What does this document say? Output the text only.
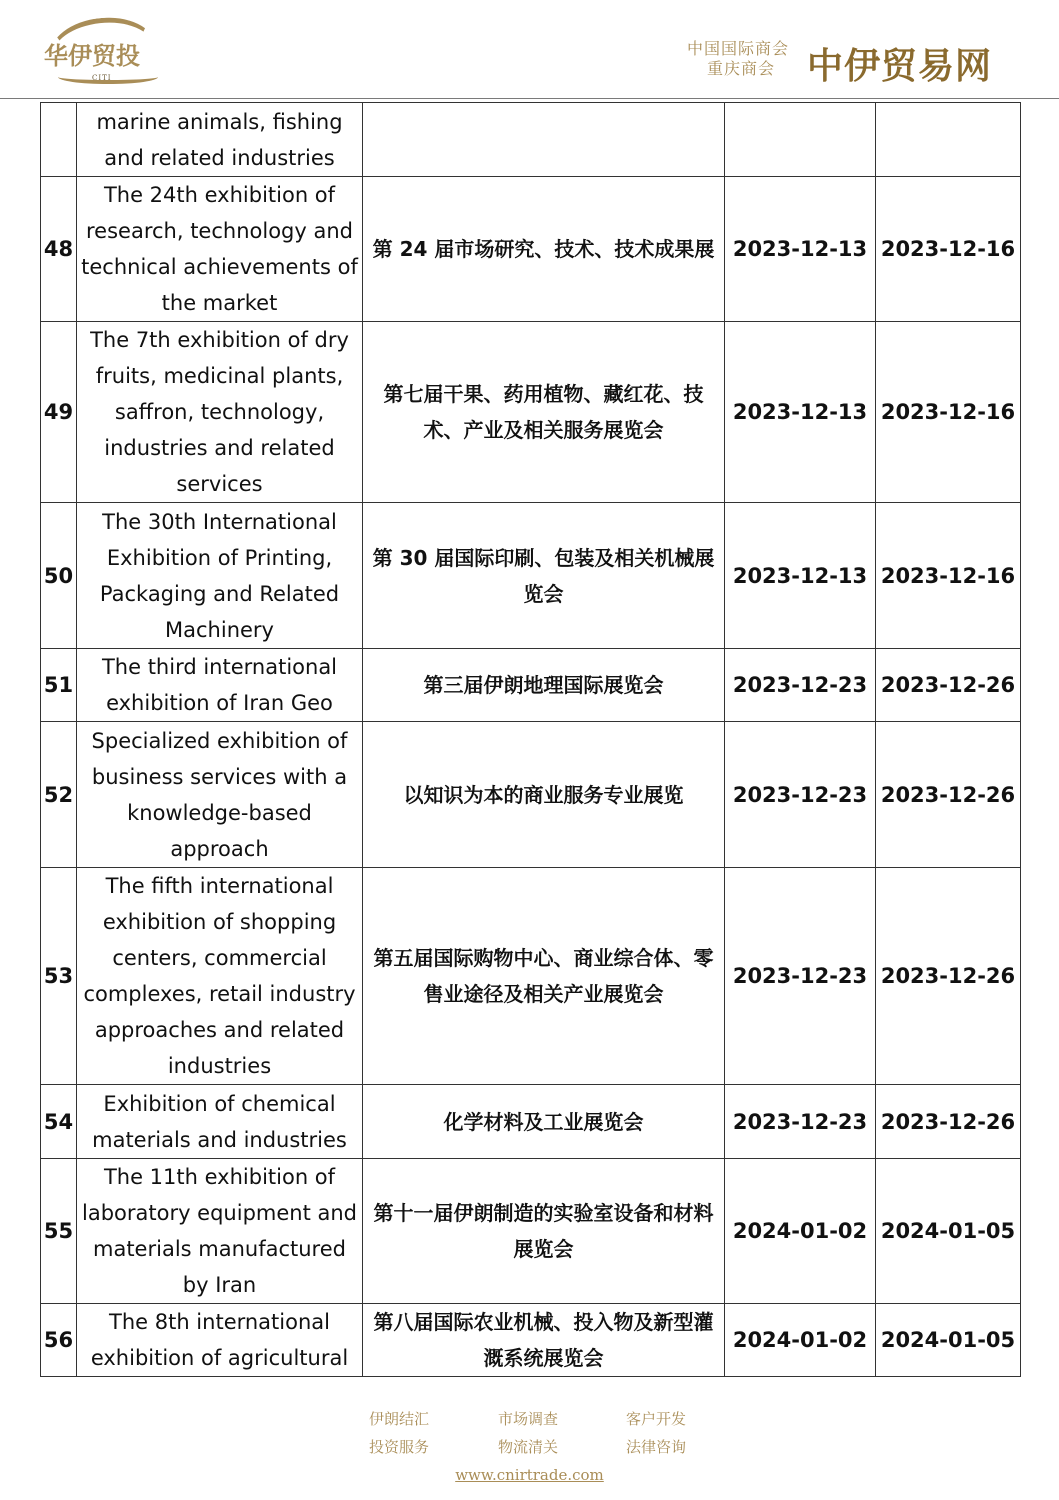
华伊贸投
CITI
中国国际商会
重庆商会 中伊贸易网
	marine animals, fishing and related industries			
48	The 24th exhibition of research, technology and technical achievements of the market	第 24 届市场研究、技术、技术成果展	2023-12-13	2023-12-16
49	The 7th exhibition of dry fruits, medicinal plants, saffron, technology, industries and related services	第七届干果、药用植物、藏红花、技术、产业及相关服务展览会	2023-12-13	2023-12-16
50	The 30th International Exhibition of Printing, Packaging and Related Machinery	第 30 届国际印刷、包装及相关机械展览会	2023-12-13	2023-12-16
51	The third international exhibition of Iran Geo	第三届伊朗地理国际展览会	2023-12-23	2023-12-26
52	Specialized exhibition of business services with a knowledge-based approach	以知识为本的商业服务专业展览	2023-12-23	2023-12-26
53	The fifth international exhibition of shopping centers, commercial complexes, retail industry approaches and related industries	第五届国际购物中心、商业综合体、零售业途径及相关产业展览会	2023-12-23	2023-12-26
54	Exhibition of chemical materials and industries	化学材料及工业展览会	2023-12-23	2023-12-26
55	The 11th exhibition of laboratory equipment and materials manufactured by Iran	第十一届伊朗制造的实验室设备和材料展览会	2024-01-02	2024-01-05
56	The 8th international exhibition of agricultural	第八届国际农业机械、投入物及新型灌溉系统展览会	2024-01-02	2024-01-05
伊朗结汇	市场调查	客户开发
投资服务	物流清关	法律咨询
www.cnirtrade.com
